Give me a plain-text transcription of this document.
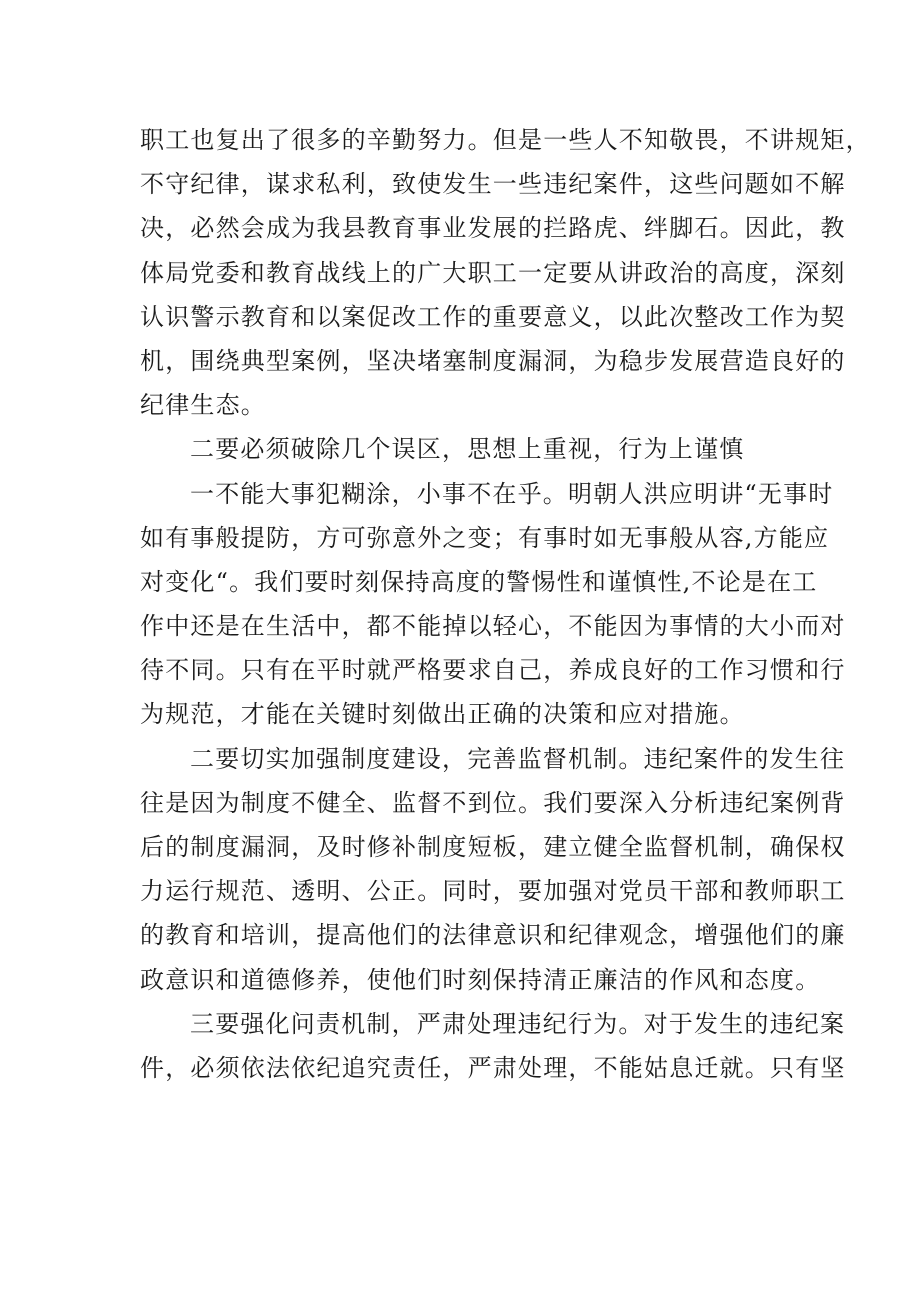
职工也复出了很多的辛勤努力。但是一些人不知敬畏，不讲规矩，
不守纪律，谋求私利，致使发生一些违纪案件，这些问题如不解
决，必然会成为我县教育事业发展的拦路虎、绊脚石。因此，教
体局党委和教育战线上的广大职工一定要从讲政治的高度，深刻
认识警示教育和以案促改工作的重要意义，以此次整改工作为契
机，围绕典型案例，坚决堵塞制度漏洞，为稳步发展营造良好的
纪律生态。
二要必须破除几个误区，思想上重视，行为上谨慎
一不能大事犯糊涂，小事不在乎。明朝人洪应明讲“无事时
如有事般提防，方可弥意外之变；有事时如无事般从容,方能应
对变化“。我们要时刻保持高度的警惕性和谨慎性,不论是在工
作中还是在生活中，都不能掉以轻心，不能因为事情的大小而对
待不同。只有在平时就严格要求自己，养成良好的工作习惯和行
为规范，才能在关键时刻做出正确的决策和应对措施。
二要切实加强制度建设，完善监督机制。违纪案件的发生往
往是因为制度不健全、监督不到位。我们要深入分析违纪案例背
后的制度漏洞，及时修补制度短板，建立健全监督机制，确保权
力运行规范、透明、公正。同时，要加强对党员干部和教师职工
的教育和培训，提高他们的法律意识和纪律观念，增强他们的廉
政意识和道德修养，使他们时刻保持清正廉洁的作风和态度。
三要强化问责机制，严肃处理违纪行为。对于发生的违纪案
件，必须依法依纪追究责任，严肃处理，不能姑息迁就。只有坚
